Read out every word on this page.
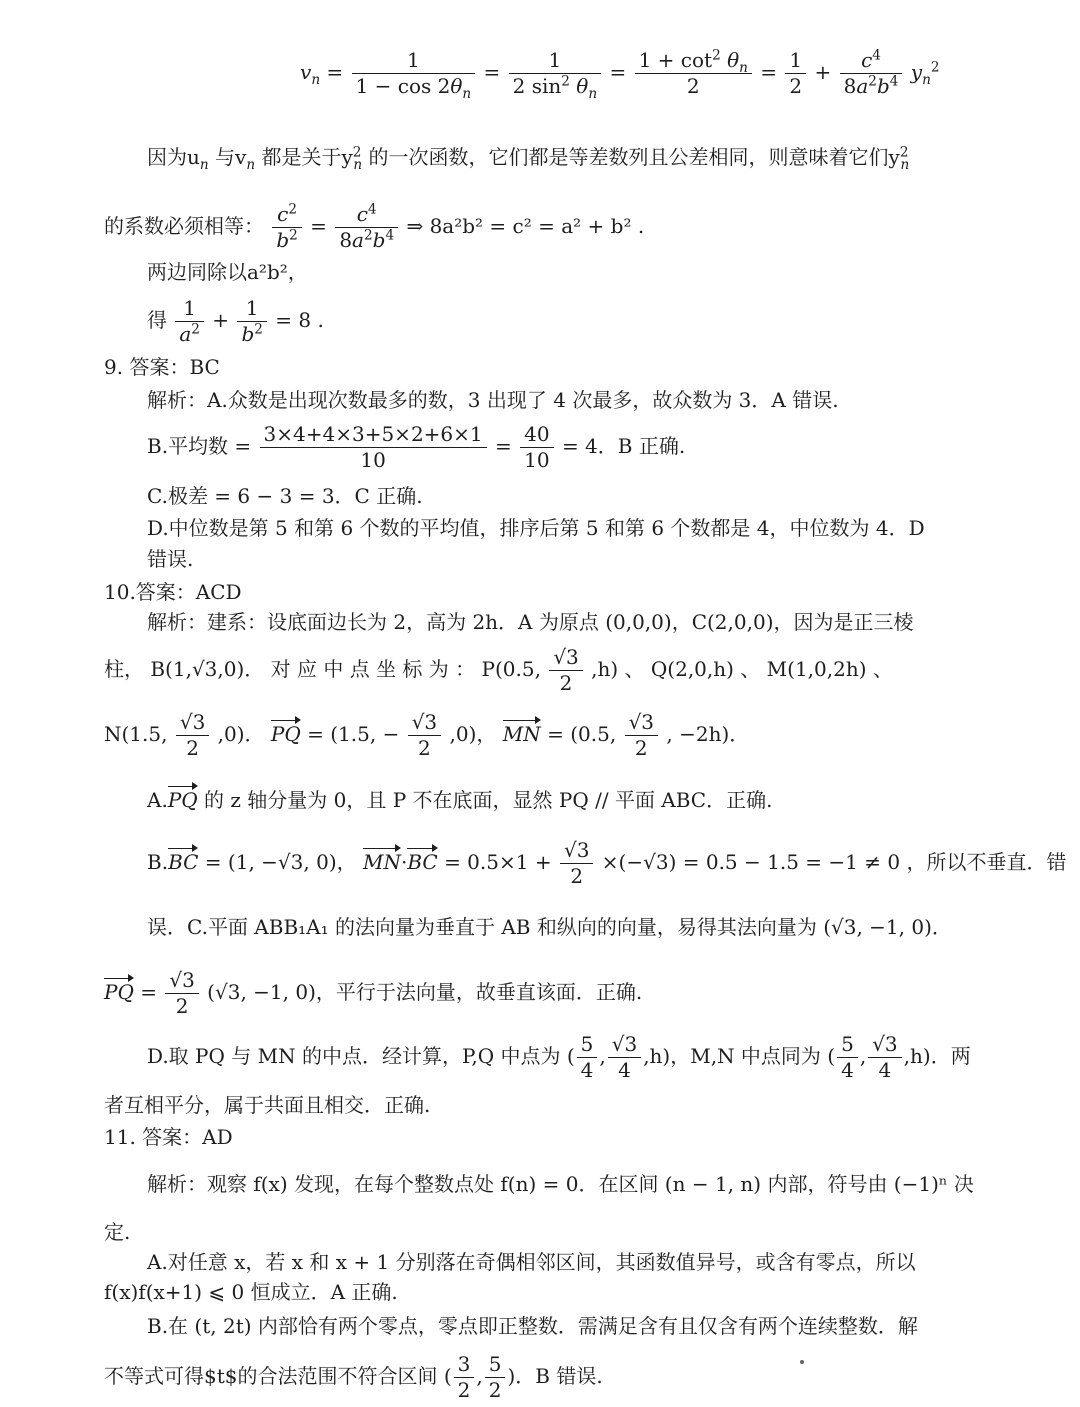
$v_n = \frac{1}{1 - \cos 2\theta_n} = \frac{1}{2 \sin^2 \theta_n} = \frac{1 + \cot^2 \theta_n}{2} = \frac{1}{2} + \frac{c^4}{8a^2b^4} y_n^2$
因为$u_n$ 与$v_n$ 都是关于$y^2_n$ 的一次函数，它们都是等差数列且公差相同，则意味着它们$y^2_n$
的系数必须相等： $\frac{c^2}{b^2} = \frac{c^4}{8a^2b^4}$ ⇒ 8a²b² = c² = a² + b² .
两边同除以a²b²，
得 $\frac{1}{a^2} + \frac{1}{b^2} = 8$ .
9. 答案：BC
解析：A.众数是出现次数最多的数，3 出现了 4 次最多，故众数为 3．A 错误.
B.平均数 = $\frac{3\times 4+4\times 3+5\times 2+6\times 1}{10} = \frac{40}{10} = 4$．B 正确.
C.极差 = 6 − 3 = 3．C 正确.
D.中位数是第 5 和第 6 个数的平均值，排序后第 5 和第 6 个数都是 4，中位数为 4．D
错误.
10.答案：ACD
解析：建系：设底面边长为 2，高为 2h．A 为原点 (0,0,0)，C(2,0,0)，因为是正三棱
柱， B(1,√3,0)． 对 应 中 点 坐 标 为 ： P(0.5, $\frac{√3}{2} ,h$) 、 Q(2,0,h) 、 M(1,0,2h) 、
N(1.5, $\frac{√3}{2} ,0$)． PQ = (1.5, − $\frac{√3}{2} ,0$)， MN = (0.5, $\frac{√3}{2}$ , −2h)．
A.PQ 的 z 轴分量为 0，且 P 不在底面，显然 PQ // 平面 ABC．正确.
B.BC = (1, −√3, 0)， $MN\cdot BC = 0.5\times 1 + \frac{√3}{2} \times(-√3) = 0.5 - 1.5 = -1 \ne 0$ ，所以不垂直．错
误．C.平面 ABB₁A₁ 的法向量为垂直于 AB 和纵向的向量，易得其法向量为 (√3, −1, 0)．
PQ = $\frac{√3}{2} (√3$, −1, 0)，平行于法向量，故垂直该面．正确.
D.取 PQ 与 MN 的中点．经计算，P,Q 中点为 ( $\frac{5}{4}$ , $\frac{√3}{4} ,h$)，M,N 中点同为 ( $\frac{5}{4}$ , $\frac{√3}{4} ,h$)．两
者互相平分，属于共面且相交．正确.
11. 答案：AD
解析：观察 f(x) 发现，在每个整数点处 f(n) = 0．在区间 (n − 1, n) 内部，符号由 (−1)ⁿ 决
定.
A.对任意 x，若 x 和 x + 1 分别落在奇偶相邻区间，其函数值异号，或含有零点，所以
f(x)f(x+1) ⩽ 0 恒成立．A 正确.
B.在 (t, 2t) 内部恰有两个零点，零点即正整数．需满足含有且仅含有两个连续整数．解
不等式可得$t$的合法范围不符合区间 ( $\frac{3}{2}$ , $\frac{5}{2}$ )．B 错误.
